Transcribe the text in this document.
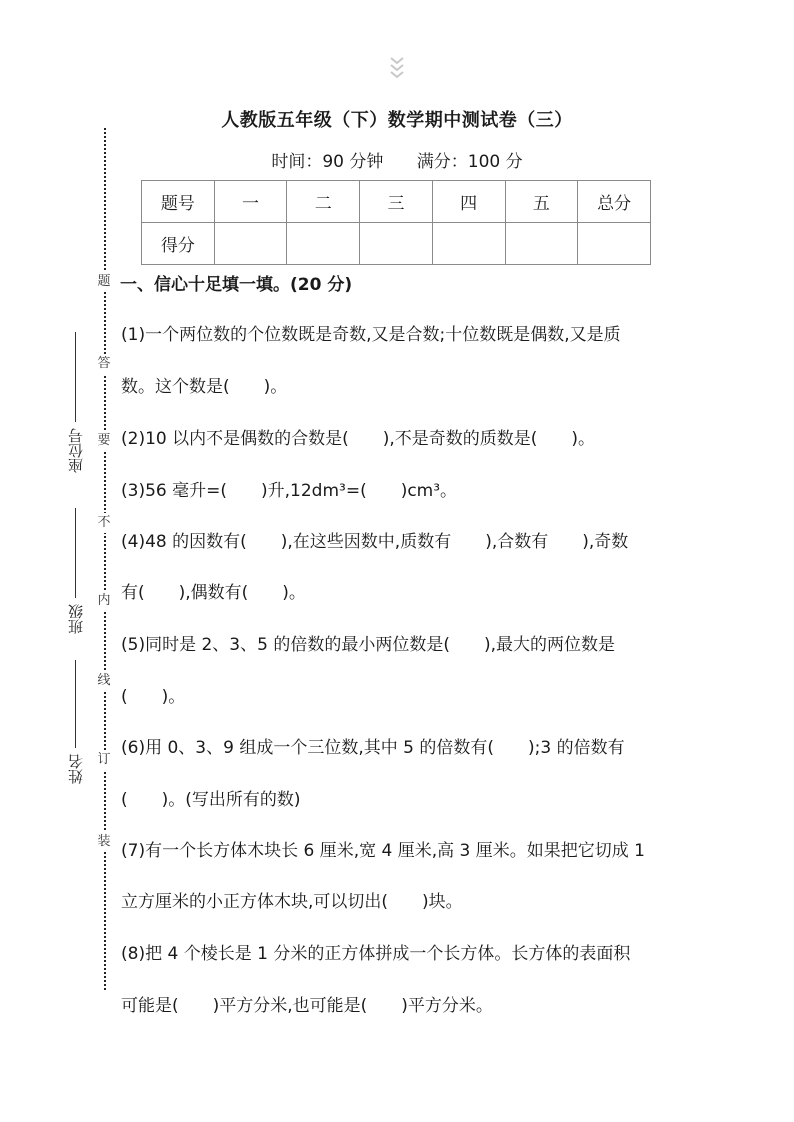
人教版五年级（下）数学期中测试卷（三）
时间：90 分钟 满分：100 分
题号	一	二	三	四	五	总分
得分						
题
答
要
不
内
线
订
装
座位号
班级
姓名
一、信心十足填一填。(20 分)
(1)一个两位数的个位数既是奇数,又是合数;十位数既是偶数,又是质
数。这个数是(　　)。
(2)10 以内不是偶数的合数是(　　),不是奇数的质数是(　　)。
(3)56 毫升=(　　)升,12dm³=(　　)cm³。
(4)48 的因数有(　　),在这些因数中,质数有　　),合数有　　),奇数
有(　　),偶数有(　　)。
(5)同时是 2、3、5 的倍数的最小两位数是(　　),最大的两位数是
(　　)。
(6)用 0、3、9 组成一个三位数,其中 5 的倍数有(　　);3 的倍数有
(　　)。(写出所有的数)
(7)有一个长方体木块长 6 厘米,宽 4 厘米,高 3 厘米。如果把它切成 1
立方厘米的小正方体木块,可以切出(　　)块。
(8)把 4 个棱长是 1 分米的正方体拼成一个长方体。长方体的表面积
可能是(　　)平方分米,也可能是(　　)平方分米。
